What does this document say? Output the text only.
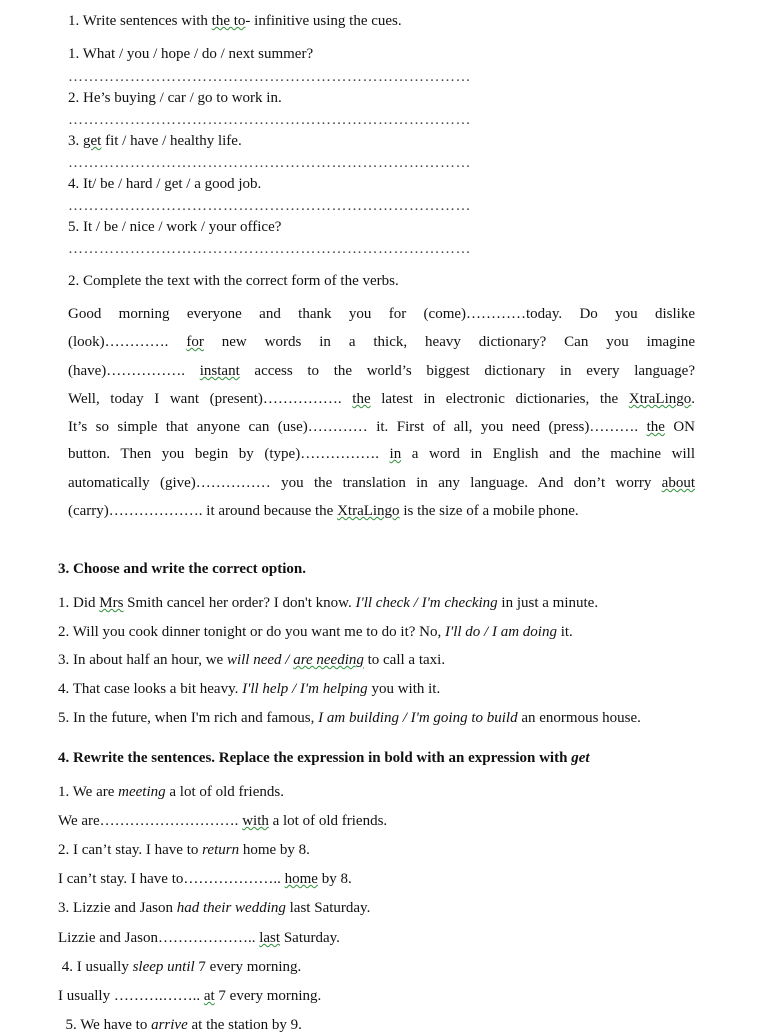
1. Write sentences with the to- infinitive using the cues.
1. What / you / hope / do / next summer?
……………………………………………………………………
2. He’s buying / car / go to work in.
……………………………………………………………………
3. get fit / have / healthy life.
……………………………………………………………………
4. It/ be / hard / get / a good job.
……………………………………………………………………
5. It / be / nice / work / your office?
……………………………………………………………………
2. Complete the text with the correct form of the verbs.
Good morning everyone and thank you for (come)…………today. Do you dislike
(look)…………. for new words in a thick, heavy dictionary? Can you imagine
(have)……………. instant access to the world’s biggest dictionary in every language?
Well, today I want (present)……………. the latest in electronic dictionaries, the XtraLingo.
It’s so simple that anyone can (use)………… it. First of all, you need (press)………. the ON
button. Then you begin by (type)……………. in a word in English and the machine will
automatically (give)…………… you the translation in any language. And don’t worry about
(carry)………………. it around because the XtraLingo is the size of a mobile phone.
3. Choose and write the correct option.
1. Did Mrs Smith cancel her order? I don't know. I'll check / I'm checking in just a minute.
2. Will you cook dinner tonight or do you want me to do it? No, I'll do / I am doing it.
3. In about half an hour, we will need / are needing to call a taxi.
4. That case looks a bit heavy. I'll help / I'm helping you with it.
5. In the future, when I'm rich and famous, I am building / I'm going to build an enormous house.
4. Rewrite the sentences. Replace the expression in bold with an expression with get
1. We are meeting a lot of old friends.
We are………………………. with a lot of old friends.
2. I can’t stay. I have to return home by 8.
I can’t stay. I have to……………….. home by 8.
3. Lizzie and Jason had their wedding last Saturday.
Lizzie and Jason……………….. last Saturday.
4. I usually sleep until 7 every morning.
I usually ……….…….. at 7 every morning.
5. We have to arrive at the station by 9.
